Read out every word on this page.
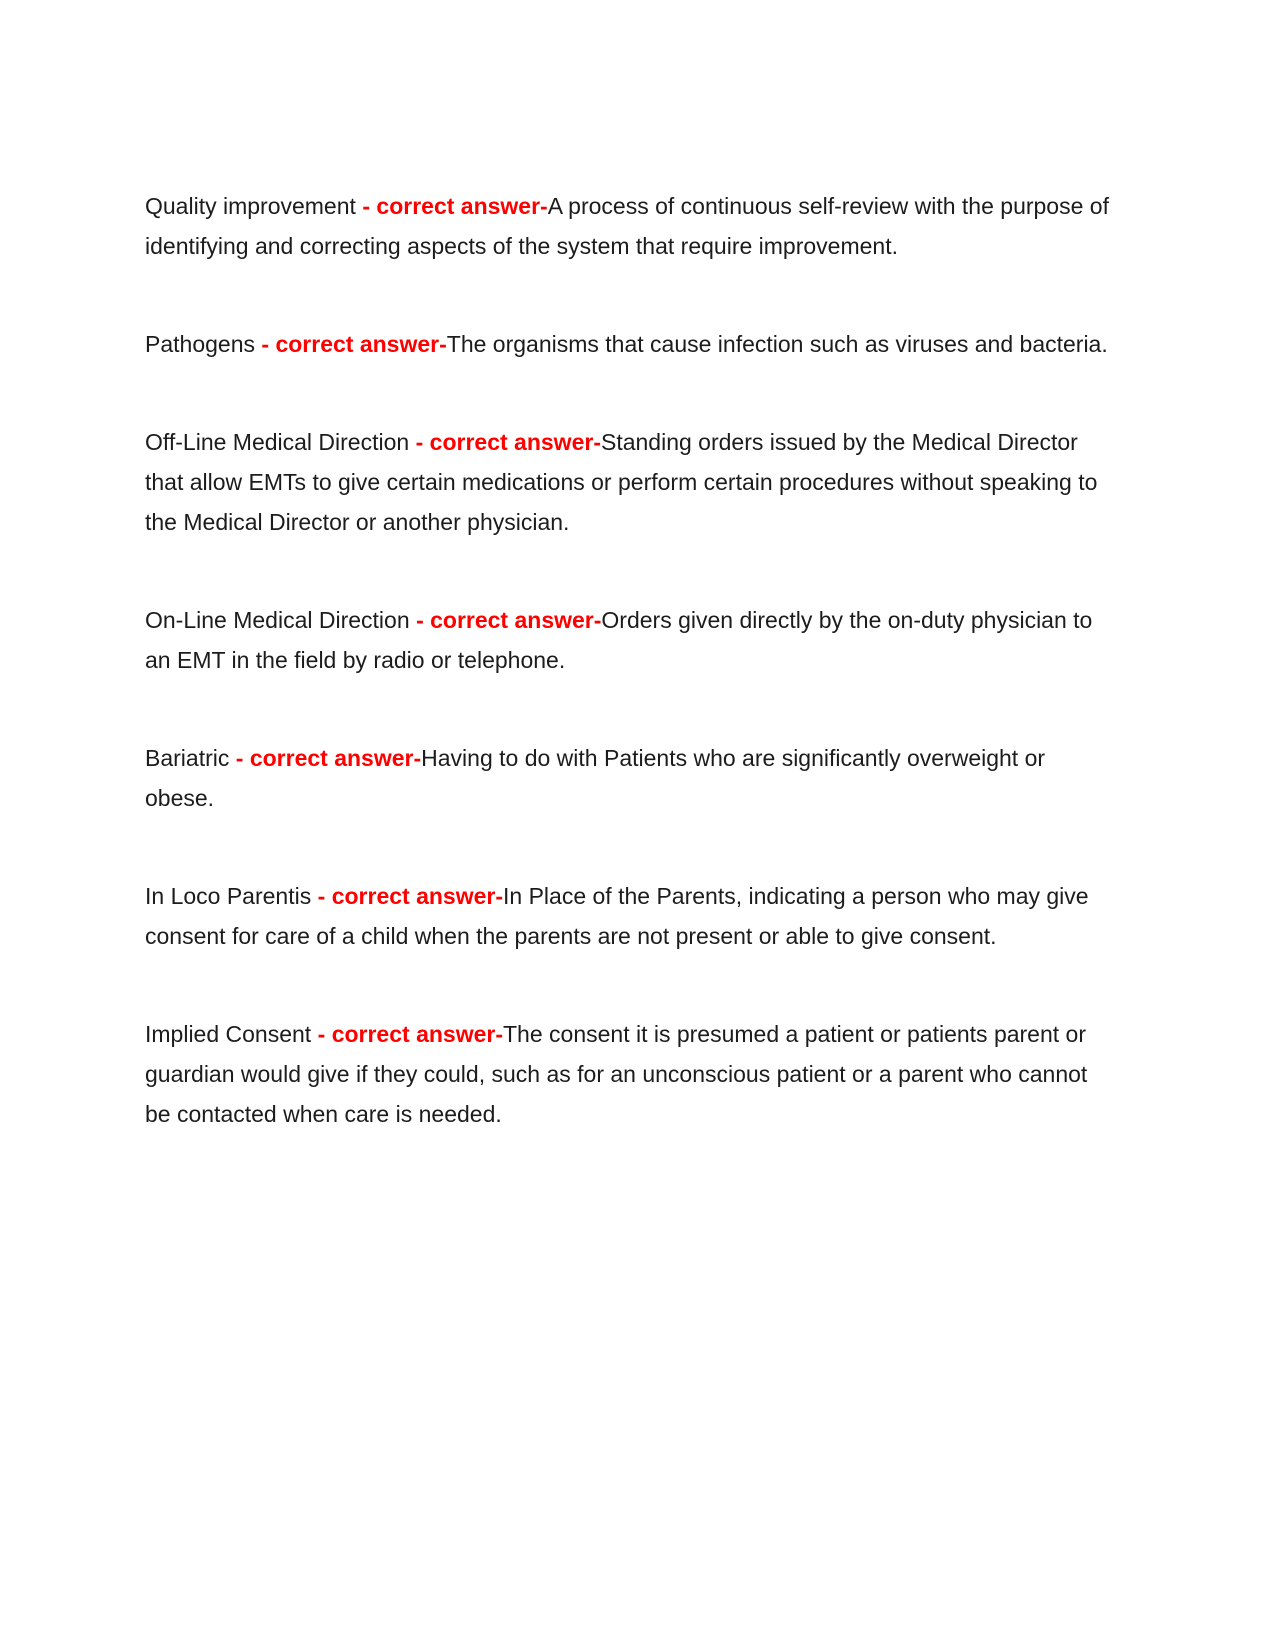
Quality improvement - correct answer-A process of continuous self-review with the purpose of identifying and correcting aspects of the system that require improvement.

Pathogens - correct answer-The organisms that cause infection such as viruses and bacteria.

Off-Line Medical Direction - correct answer-Standing orders issued by the Medical Director that allow EMTs to give certain medications or perform certain procedures without speaking to the Medical Director or another physician.

On-Line Medical Direction - correct answer-Orders given directly by the on-duty physician to an EMT in the field by radio or telephone.

Bariatric - correct answer-Having to do with Patients who are significantly overweight or obese.

In Loco Parentis - correct answer-In Place of the Parents, indicating a person who may give consent for care of a child when the parents are not present or able to give consent.

Implied Consent - correct answer-The consent it is presumed a patient or patients parent or guardian would give if they could, such as for an unconscious patient or a parent who cannot be contacted when care is needed.
